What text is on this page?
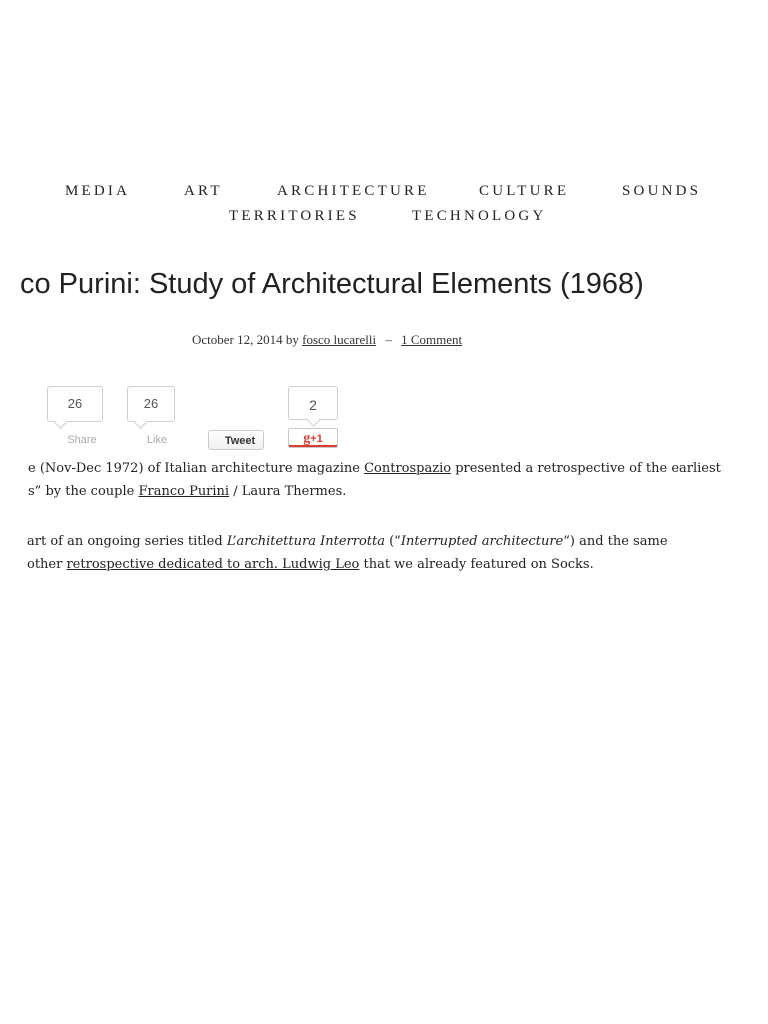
MEDIA	ART	ARCHITECTURE	CULTURE	SOUNDS
TERRITORIES	TECHNOLOGY
co Purini: Study of Architectural Elements (1968)
October 12, 2014 by fosco lucarelli – 1 Comment
26
Share
26
Like	Tweet
2
g+1
e (Nov-Dec 1972) of Italian architecture magazine Controspazio presented a retrospective of the earliest
s” by the couple Franco Purini / Laura Thermes.
art of an ongoing series titled L’architettura Interrotta (“Interrupted architecture“) and the same
other retrospective dedicated to arch. Ludwig Leo that we already featured on Socks.
